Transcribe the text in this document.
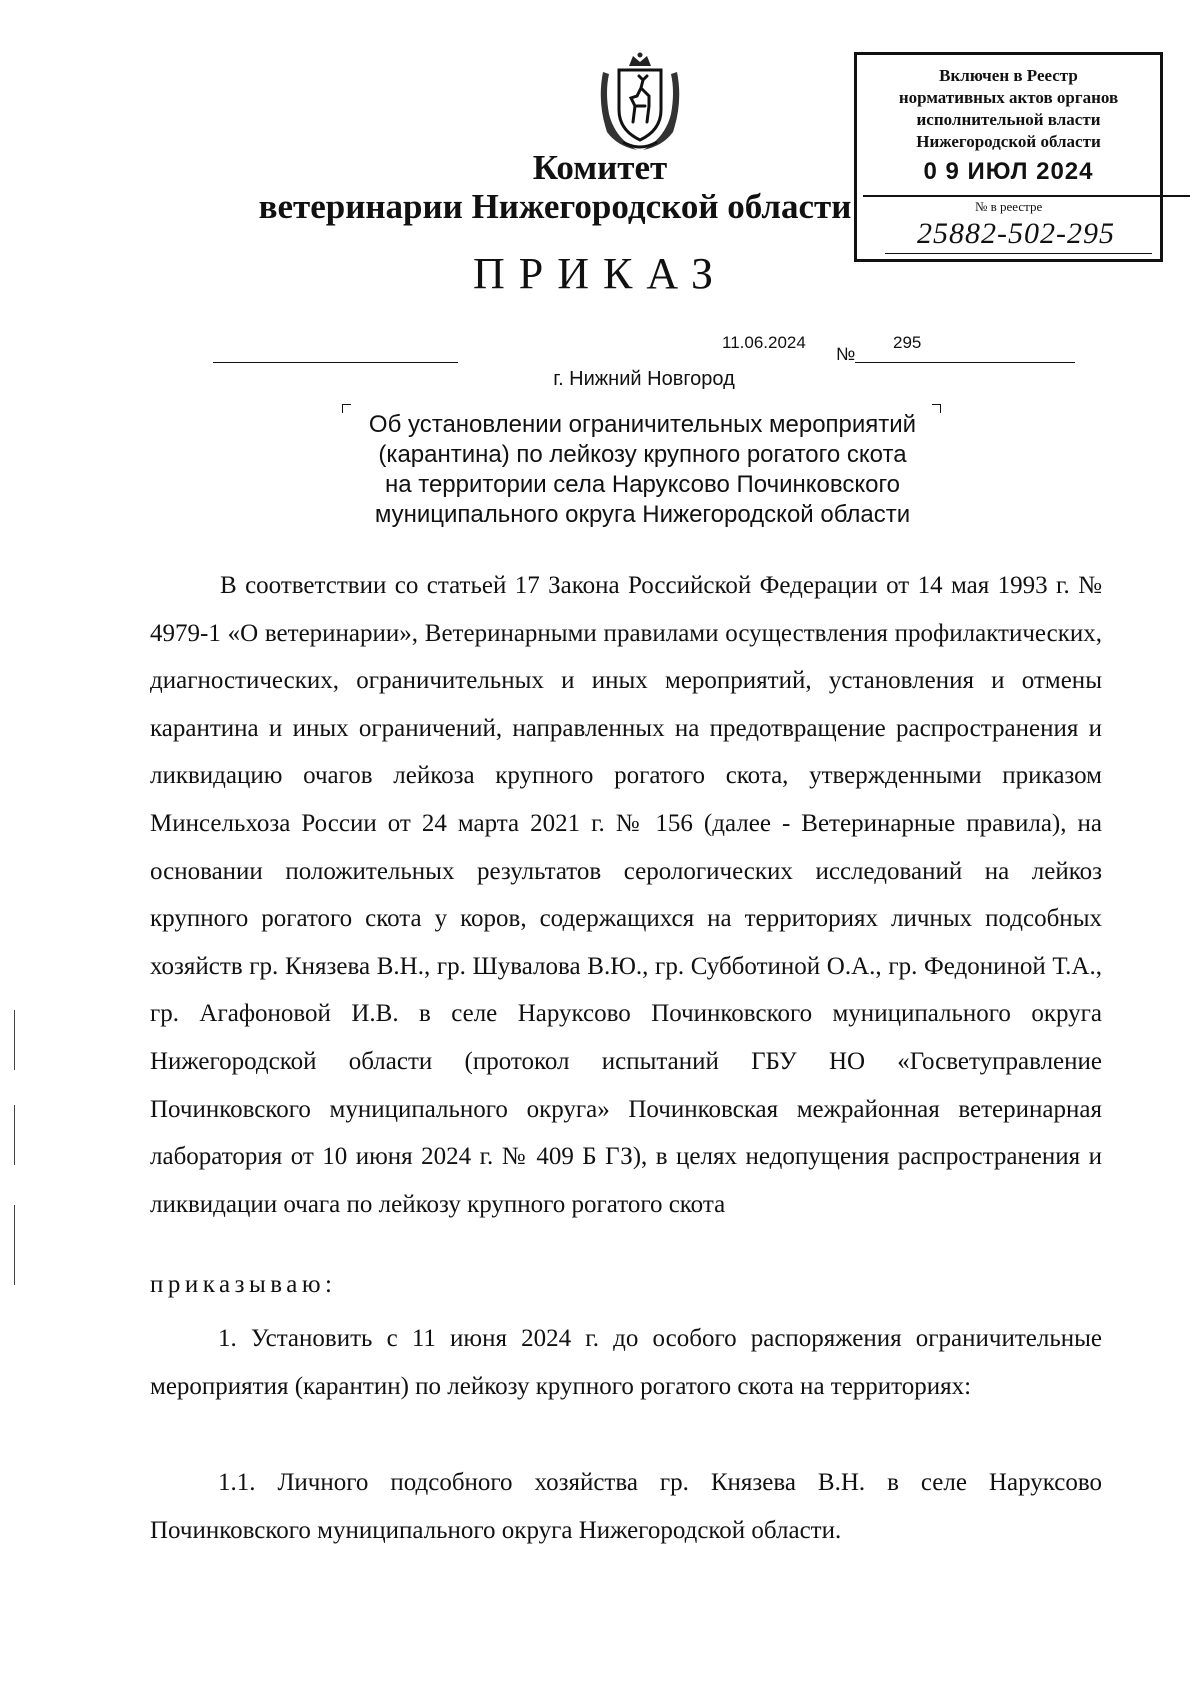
Комитет
ветеринарии Нижегородской области
ПРИКАЗ
Включен в Реестр
нормативных актов органов
исполнительной власти
Нижегородской области
0 9 ИЮЛ 2024
№ в реестре
25882-502-295
11.06.2024
№
295
г. Нижний Новгород
Об установлении ограничительных мероприятий
(карантина) по лейкозу крупного рогатого скота
на территории села Наруксово Починковского
муниципального округа Нижегородской области
В соответствии со статьей 17 Закона Российской Федерации от 14 мая 1993 г. № 4979-1 «О ветеринарии», Ветеринарными правилами осуществления профилактических, диагностических, ограничительных и иных мероприятий, установления и отмены карантина и иных ограничений, направленных на предотвращение распространения и ликвидацию очагов лейкоза крупного рогатого скота, утвержденными приказом Минсельхоза России от 24 марта 2021 г. № 156 (далее - Ветеринарные правила), на основании положительных результатов серологических исследований на лейкоз крупного рогатого скота у коров, содержащихся на территориях личных подсобных хозяйств гр. Князева В.Н., гр. Шувалова В.Ю., гр. Субботиной О.А., гр. Федониной Т.А., гр. Агафоновой И.В. в селе Наруксово Починковского муниципального округа Нижегородской области (протокол испытаний ГБУ НО «Госветуправление Починковского муниципального округа» Починковская межрайонная ветеринарная лаборатория от 10 июня 2024 г. № 409 Б ГЗ), в целях недопущения распространения и ликвидации очага по лейкозу крупного рогатого скота
приказываю:
1. Установить с 11 июня 2024 г. до особого распоряжения ограничительные мероприятия (карантин) по лейкозу крупного рогатого скота на территориях:
1.1. Личного подсобного хозяйства гр. Князева В.Н. в селе Наруксово Починковского муниципального округа Нижегородской области.
